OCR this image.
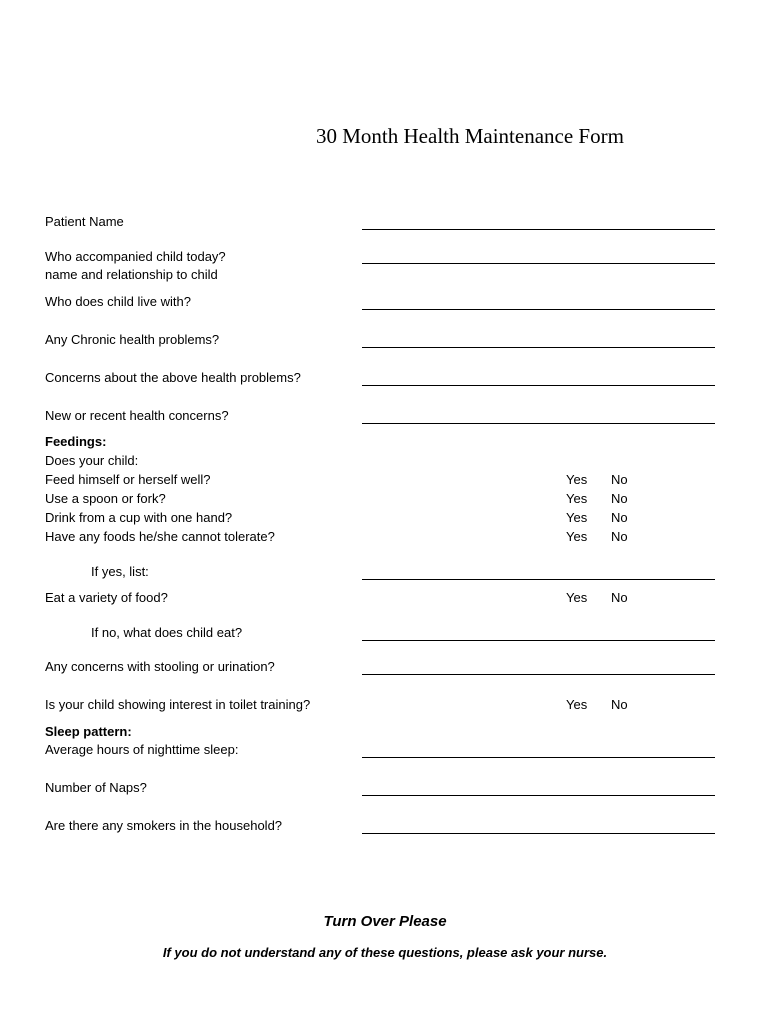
30 Month Health Maintenance Form
Patient Name
Who accompanied child today?
name and relationship to child
Who does child live with?
Any Chronic health problems?
Concerns about the above health problems?
New or recent health concerns?
Feedings:
Does your child:
Feed himself or herself well?	Yes No
Use a spoon or fork?	Yes No
Drink from a cup with one hand?	Yes No
Have any foods he/she cannot tolerate?	Yes No
If yes, list:
Eat a variety of food?	Yes No
If no, what does child eat?
Any concerns with stooling or urination?
Is your child showing interest in toilet training?	Yes No
Sleep pattern:
Average hours of nighttime sleep:
Number of Naps?
Are there any smokers in the household?
Turn Over Please
If you do not understand any of these questions, please ask your nurse.
